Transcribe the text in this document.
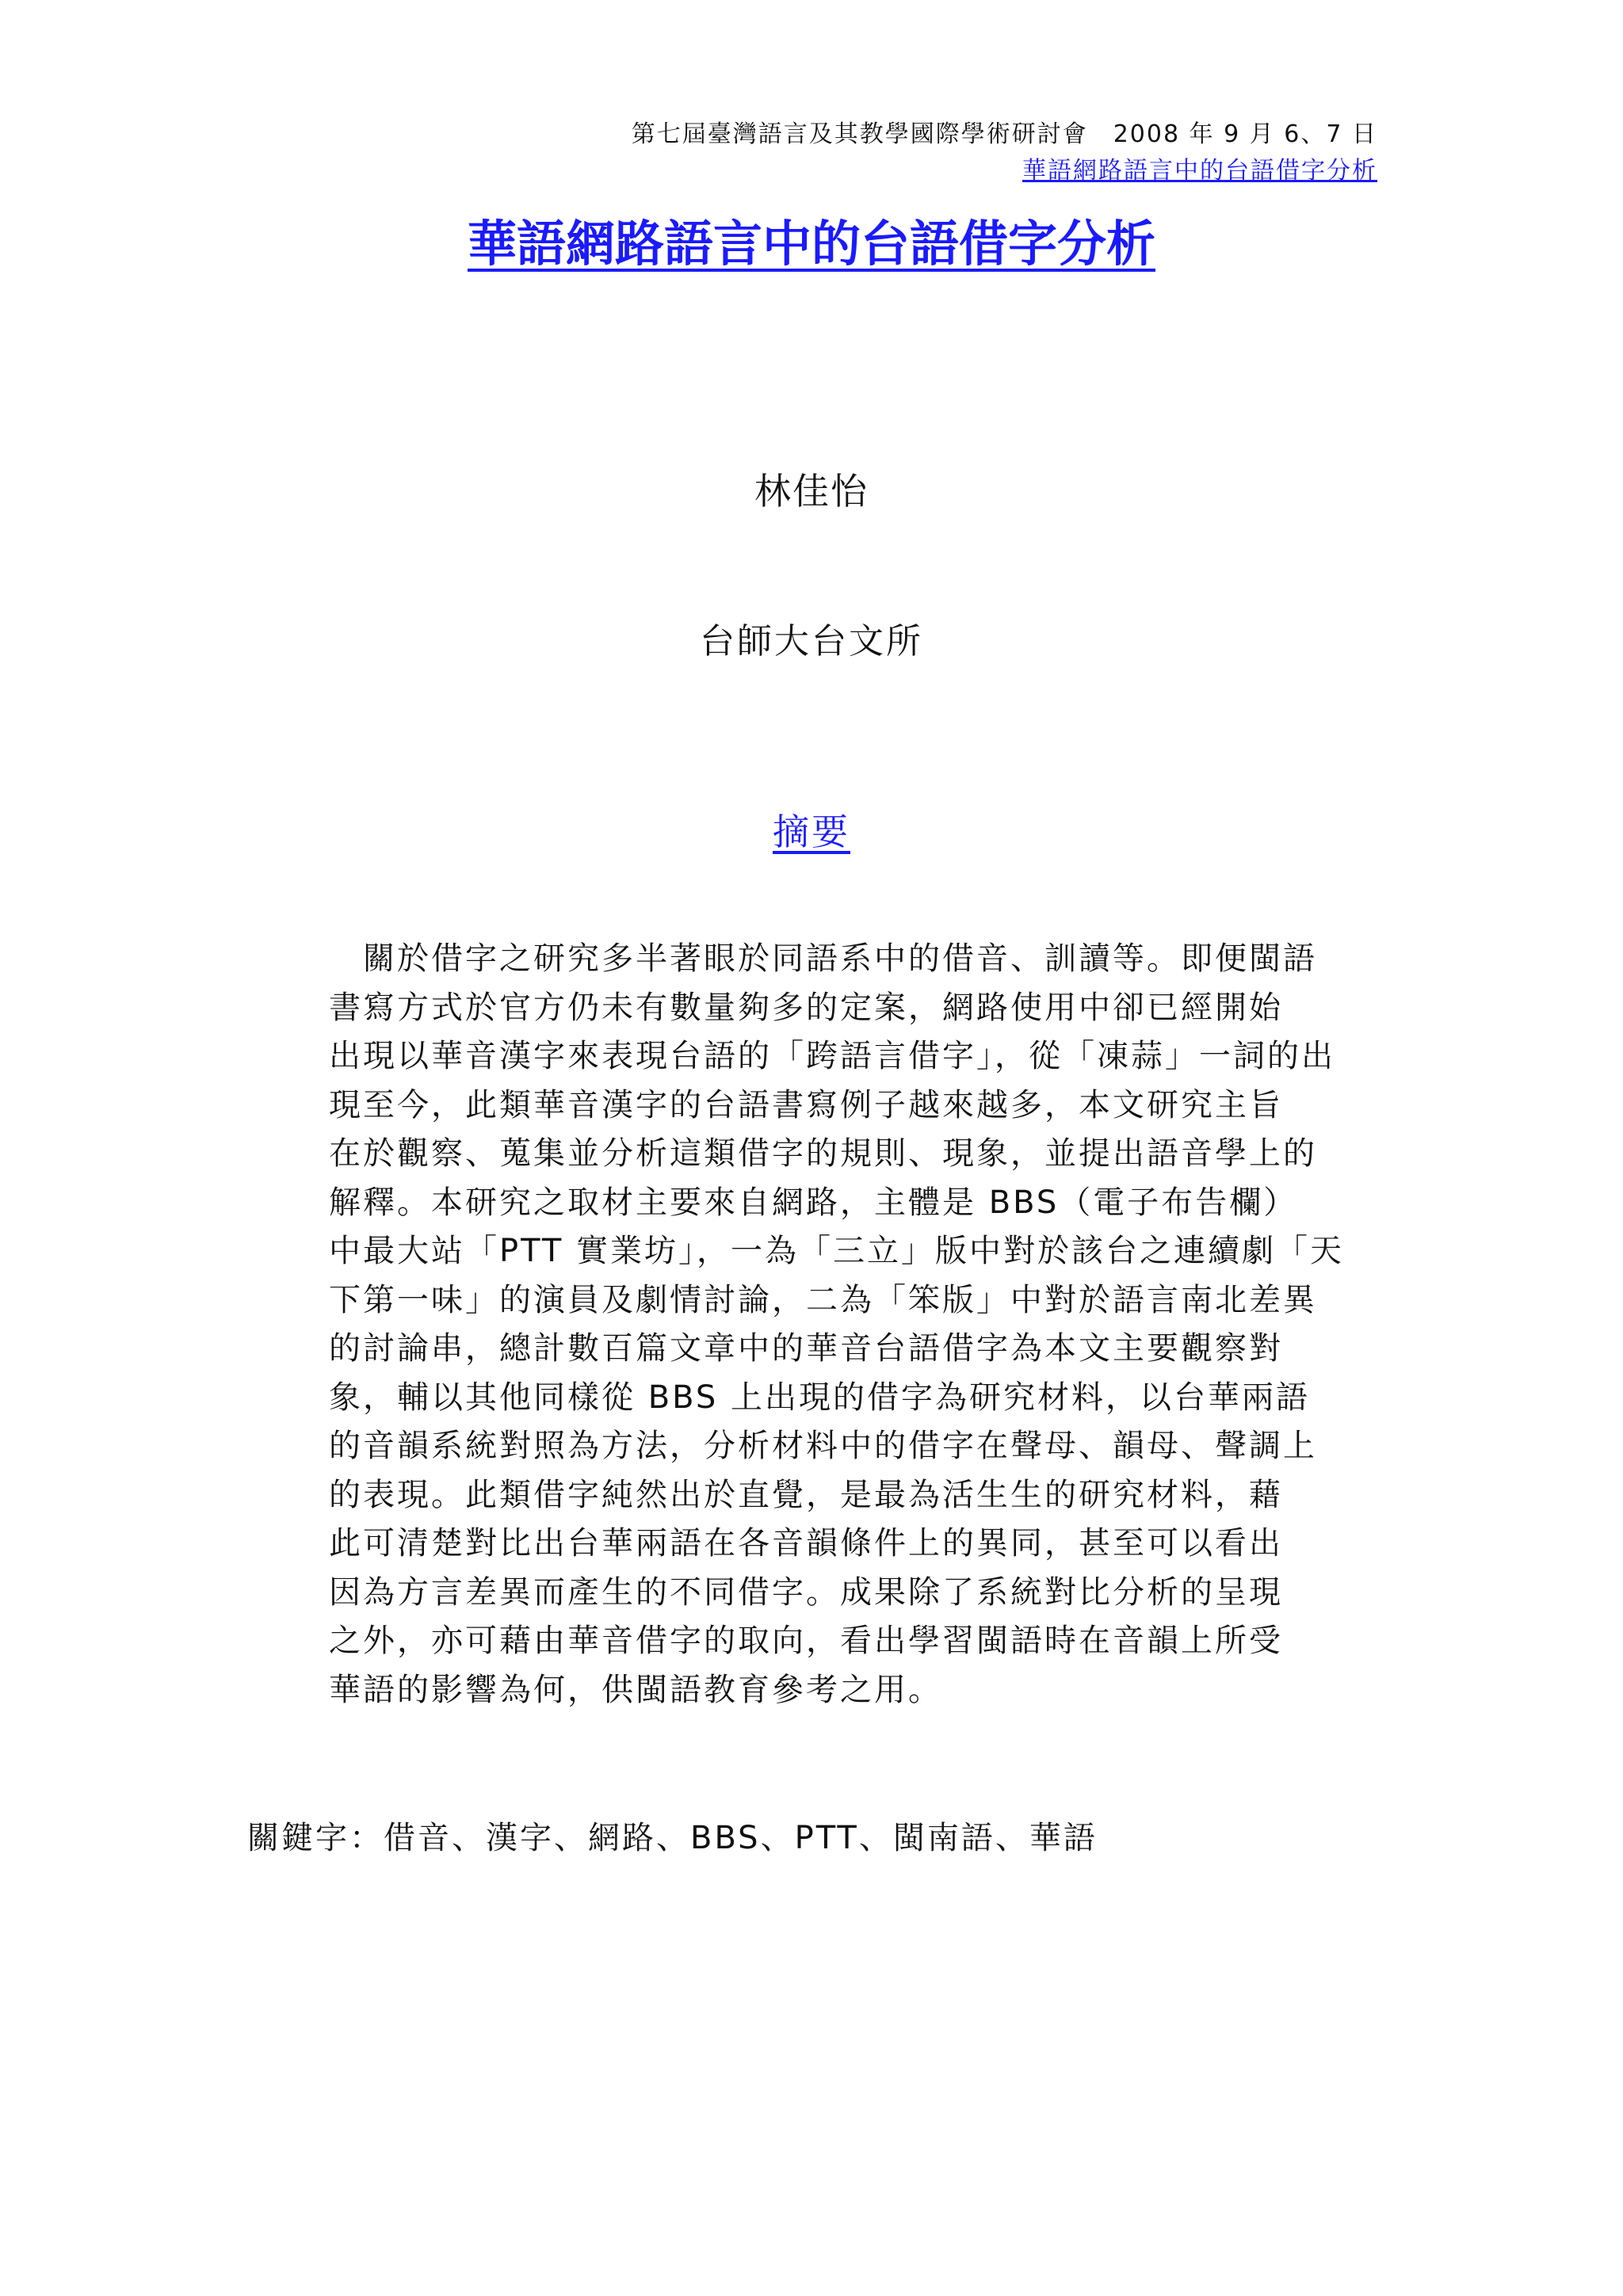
第七屆臺灣語言及其教學國際學術研討會　2008 年 9 月 6、7 日
華語網路語言中的台語借字分析
華語網路語言中的台語借字分析
林佳怡
台師大台文所
摘要
　關於借字之研究多半著眼於同語系中的借音、訓讀等。即便閩語
書寫方式於官方仍未有數量夠多的定案，網路使用中卻已經開始
出現以華音漢字來表現台語的「跨語言借字」，從「凍蒜」一詞的出
現至今，此類華音漢字的台語書寫例子越來越多，本文研究主旨
在於觀察、蒐集並分析這類借字的規則、現象，並提出語音學上的
解釋。本研究之取材主要來自網路，主體是 BBS（電子布告欄）
中最大站「PTT 實業坊」，一為「三立」版中對於該台之連續劇「天
下第一味」的演員及劇情討論，二為「笨版」中對於語言南北差異
的討論串，總計數百篇文章中的華音台語借字為本文主要觀察對
象，輔以其他同樣從 BBS 上出現的借字為研究材料，以台華兩語
的音韻系統對照為方法，分析材料中的借字在聲母、韻母、聲調上
的表現。此類借字純然出於直覺，是最為活生生的研究材料，藉
此可清楚對比出台華兩語在各音韻條件上的異同，甚至可以看出
因為方言差異而產生的不同借字。成果除了系統對比分析的呈現
之外，亦可藉由華音借字的取向，看出學習閩語時在音韻上所受
華語的影響為何，供閩語教育參考之用。
關鍵字：借音、漢字、網路、BBS、PTT、閩南語、華語
